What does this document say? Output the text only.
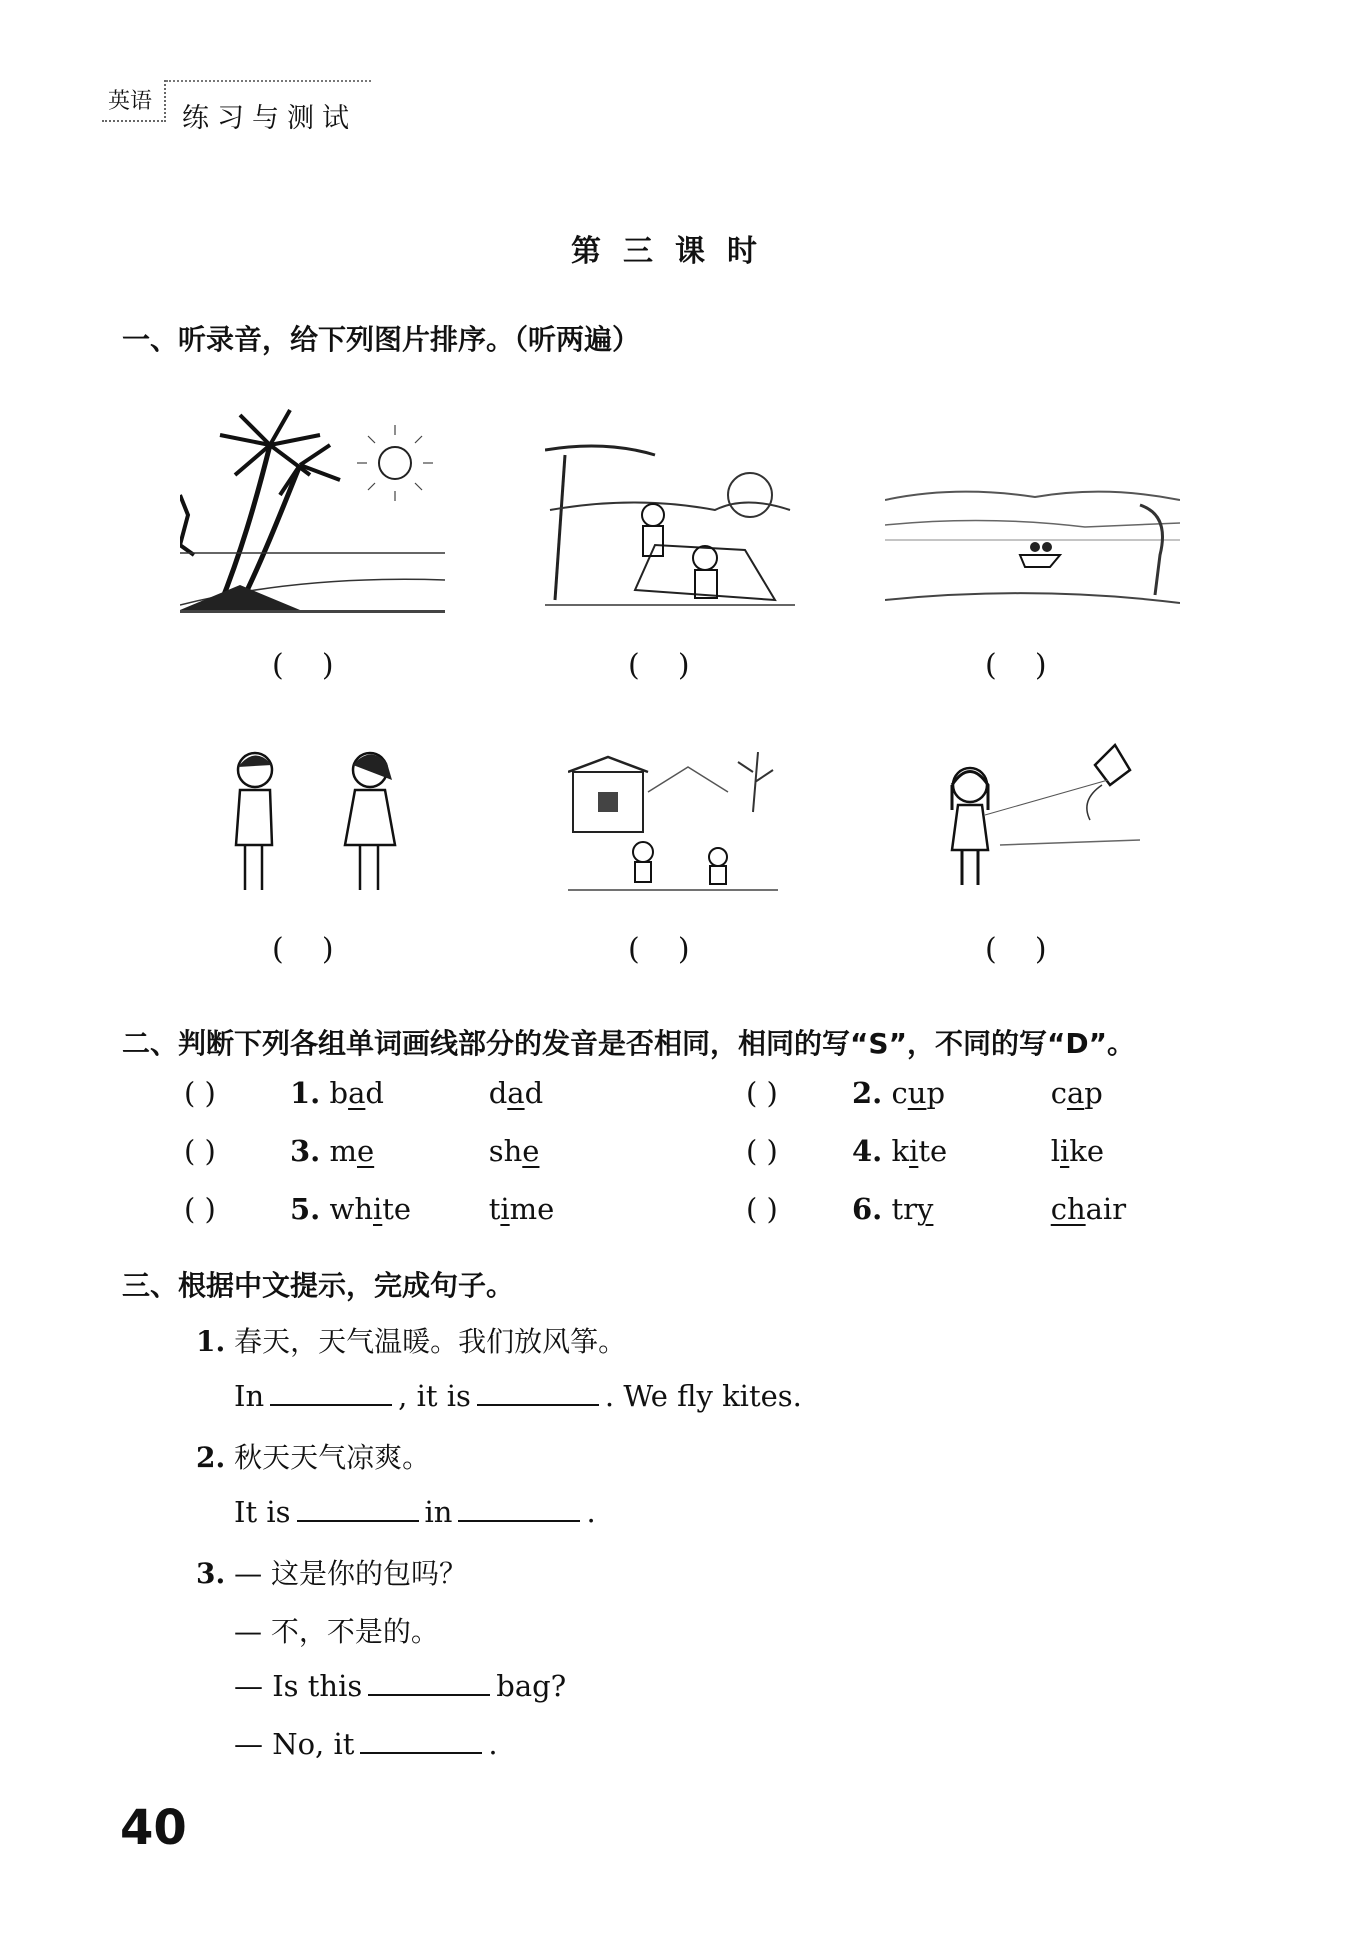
英语
练习与测试
第三课时
一、听录音，给下列图片排序。（听两遍）
(    )	(    )	(    )
(    )	(    )	(    )
二、判断下列各组单词画线部分的发音是否相同，相同的写“S”，不同的写“D”。
( )	1. bad	dad	( )	2. cup	cap
( )	3. me	she	( )	4. kite	like
( )	5. white	time	( )	6. try	chair
三、根据中文提示，完成句子。
1. 春天，天气温暖。我们放风筝。
In	, it is	. We fly kites.
2. 秋天天气凉爽。
It is	in	.
3. — 这是你的包吗？
— 不，不是的。
— Is this	bag?
— No, it	.
40
